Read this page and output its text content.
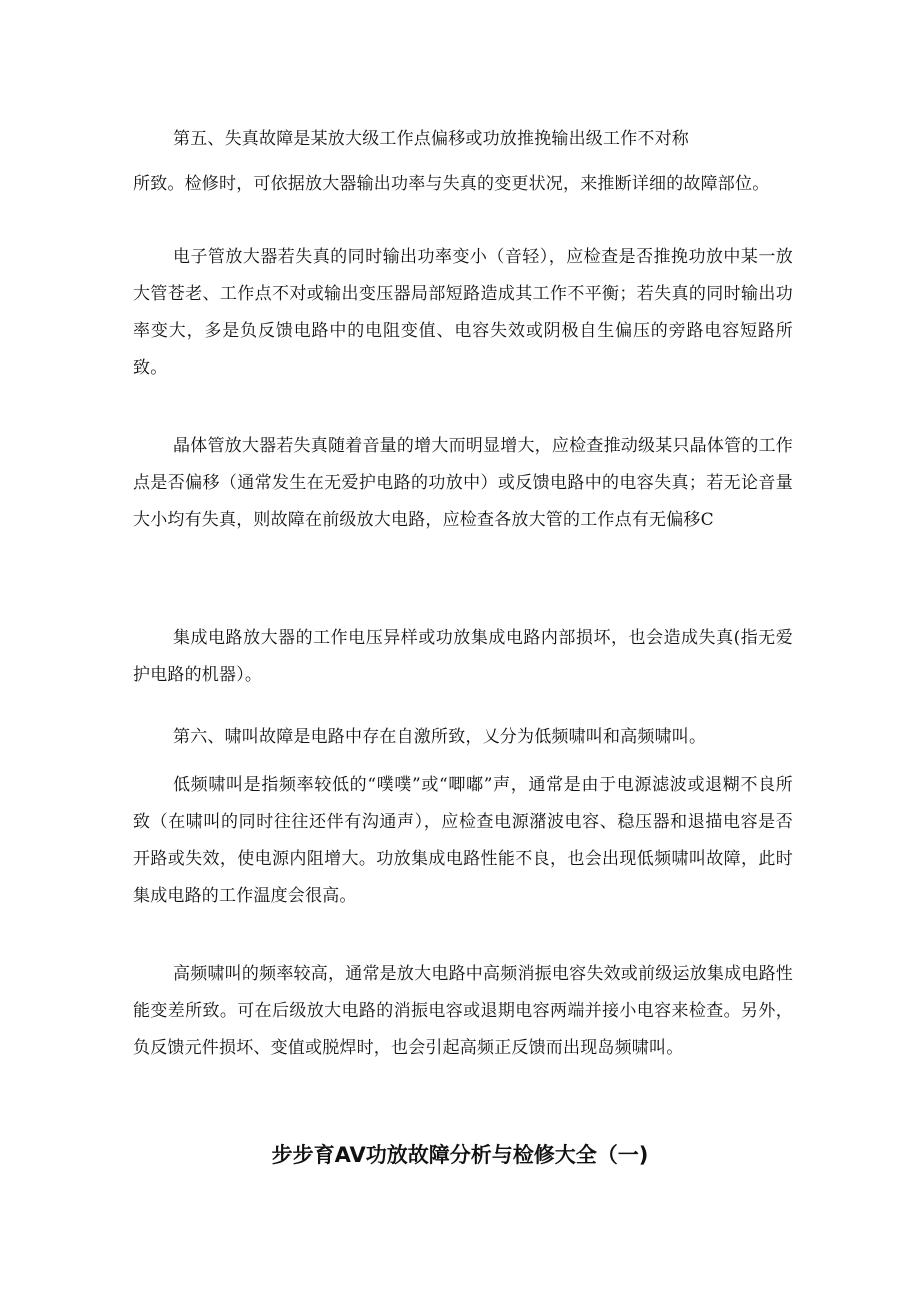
第五、失真故障是某放大级工作点偏移或功放推挽输出级工作不对称

所致。检修时，可依据放大器输出功率与失真的变更状况，来推断详细的故障部位。

电子管放大器若失真的同时输出功率变小（音轻），应检查是否推挽功放中某一放大管苍老、工作点不对或输出变压器局部短路造成其工作不平衡；若失真的同时输出功率变大，多是负反馈电路中的电阻变值、电容失效或阴极自生偏压的旁路电容短路所致。

晶体管放大器若失真随着音量的增大而明显增大，应检查推动级某只晶体管的工作点是否偏移（通常发生在无爱护电路的功放中）或反馈电路中的电容失真；若无论音量大小均有失真，则故障在前级放大电路，应检查各放大管的工作点有无偏移C

集成电路放大器的工作电压异样或功放集成电路内部损坏，也会造成失真(指无爱护电路的机器）。

第六、啸叫故障是电路中存在自激所致，乂分为低频啸叫和高频啸叫。

低频啸叫是指频率较低的“噗噗”或“唧嘟”声，通常是由于电源滤波或退糊不良所致（在啸叫的同时往往还伴有沟通声），应检查电源潴波电容、稳压器和退描电容是否开路或失效，使电源内阻增大。功放集成电路性能不良，也会出现低频啸叫故障，此时集成电路的工作温度会很高。

高频啸叫的频率较高，通常是放大电路中高频消振电容失效或前级运放集成电路性能变差所致。可在后级放大电路的消振电容或退期电容两端并接小电容来检查。另外，负反馈元件损坏、变值或脱焊时，也会引起高频正反馈而出现岛频啸叫。

步步育AV功放故障分析与检修大全（一)
